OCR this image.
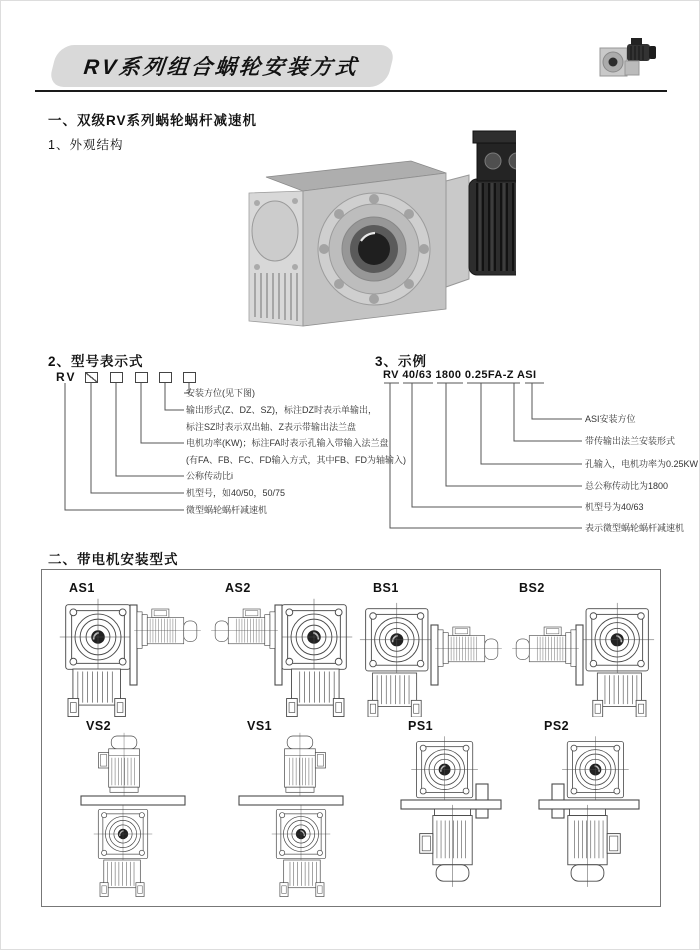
RV系列组合蜗轮安装方式
一、双级RV系列蜗轮蜗杆减速机
1、外观结构
2、型号表示式
RV
安装方位(见下图)
输出形式(Z、DZ、SZ)，标注DZ时表示单输出，
标注SZ时表示双出轴、Z表示带输出法兰盘
电机功率(KW)；标注FA时表示孔输入带输入法兰盘
(有FA、FB、FC、FD输入方式，其中FB、FD为轴输入)
公称传动比i
机型号，如40/50，50/75
微型蜗轮蜗杆减速机
3、示例
RV 40/63 1800 0.25FA-Z ASI
ASI安装方位
带传输出法兰安装形式
孔输入，电机功率为0.25KW
总公称传动比为1800
机型号为40/63
表示微型蜗轮蜗杆减速机
二、带电机安装型式
AS1	AS2	BS1	BS2
VS2	VS1	PS1	PS2
